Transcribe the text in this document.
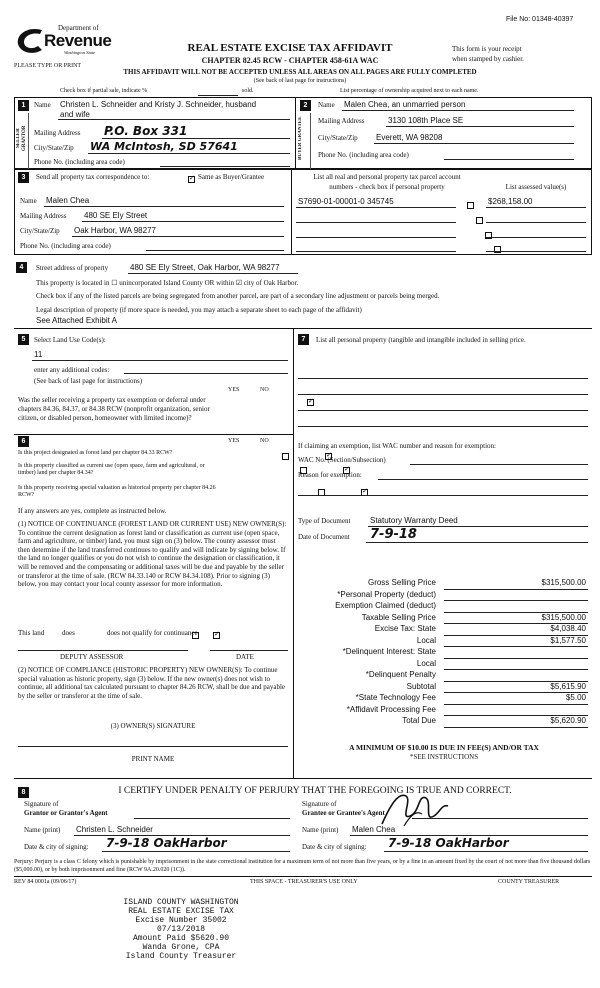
File No: 01348-40397
Department of
Revenue
Washington State
PLEASE TYPE OR PRINT
REAL ESTATE EXCISE TAX AFFIDAVIT
CHAPTER 82.45 RCW - CHAPTER 458-61A WAC
This form is your receipt
when stamped by cashier.
THIS AFFIDAVIT WILL NOT BE ACCEPTED UNLESS ALL AREAS ON ALL PAGES ARE FULLY COMPLETED
(See back of last page for instructions)
Check box if partial sale, indicate %	sold.	List percentage of ownership acquired next to each name.
1
SELLER GRANTOR
Name Christen L. Schneider and Kristy J. Schneider, husband
and wife
Mailing Address P.O. Box 331
City/State/Zip WA McIntosh, SD 57641
Phone No. (including area code)
2
BUYER GRANTEE
Name Malen Chea, an unmarried person
Mailing Address	3130 108th Place SE
City/State/Zip Everett, WA 98208
Phone No. (including area code)
3	Send all property tax correspondence to: ✓	Same as Buyer/Grantee
Name Malen Chea
Mailing Address 480 SE Ely Street
City/State/Zip Oak Harbor, WA 98277
Phone No. (including area code)
List all real and personal property tax parcel account
numbers - check box if personal property	List assessed value(s)
S7690-01-00001-0 345745	$268,158.00

4	Street address of property	480 SE Ely Street, Oak Harbor, WA 98277
This property is located in ☐ unincorporated Island County OR within ☑ city of Oak Harbor.
Check box if any of the listed parcels are being segregated from another parcel, are part of a secondary line adjustment or parcels being merged.
Legal description of property (if more space is needed, you may attach a separate sheet to each page of the affidavit)
See Attached Exhibit A
5	Select Land Use Code(s):
11
enter any additional codes:
(See back of last page for instructions)
YES	NO
Was the seller receiving a property tax exemption or deferral under chapters 84.36, 84.37, or 84.38 RCW (nonprofit organization, senior citizen, or disabled person, homeowner with limited income)?
✓
6	YES	NO
Is this project designated as forest land per chapter 84.33 RCW?
✓
Is this property classified as current use (open space, farm and agricultural, or timber) land per chapter 84.34?
✓
Is this property receiving special valuation as historical property per chapter 84.26 RCW?
✓
If any answers are yes, complete as instructed below.
(1) NOTICE OF CONTINUANCE (FOREST LAND OR CURRENT USE) NEW OWNER(S): To continue the current designation as forest land or classification as current use (open space, farm and agriculture, or timber) land, you must sign on (3) below. The county assessor must then determine if the land transferred continues to qualify and will indicate by signing below. If the land no longer qualifies or you do not wish to continue the designation or classification, it will be removed and the compensating or additional taxes will be due and payable by the seller or transferor at the time of sale. (RCW 84.33.140 or RCW 84.34.108). Prior to signing (3) below, you may contact your local county assessor for more information.
This land	does ✓	does not qualify for continuance.
DEPUTY ASSESSOR	DATE
(2) NOTICE OF COMPLIANCE (HISTORIC PROPERTY) NEW OWNER(S): To continue special valuation as historic property, sign (3) below. If the new owner(s) does not wish to continue, all additional tax calculated pursuant to chapter 84.26 RCW, shall be due and payable by the seller or transferor at the time of sale.
(3) OWNER(S) SIGNATURE
PRINT NAME
7	List all personal property (tangible and intangible included in selling price.
If claiming an exemption, list WAC number and reason for exemption:
WAC No. (Section/Subsection)
Reason for exemption:
Type of Document Statutory Warranty Deed
Date of Document 7-9-18
Gross Selling Price	$315,500.00
*Personal Property (deduct)
Exemption Claimed (deduct)
Taxable Selling Price	$315,500.00
Excise Tax: State	$4,038.40
Local	$1,577.50
*Delinquent Interest: State
Local
*Delinquent Penalty
Subtotal	$5,615.90
*State Technology Fee	$5.00
*Affidavit Processing Fee
Total Due	$5,620.90
A MINIMUM OF $10.00 IS DUE IN FEE(S) AND/OR TAX
*SEE INSTRUCTIONS
8	I CERTIFY UNDER PENALTY OF PERJURY THAT THE FOREGOING IS TRUE AND CORRECT.
Signature of
Grantor or Grantor's Agent
Signature of
Grantee or Grantee's Agent
Name (print) Christen L. Schneider	Name (print) Malen Chea
Date & city of signing: 7-9-18 OakHarbor	Date & city of signing: 7-9-18 OakHarbor
Perjury: Perjury is a class C felony which is punishable by imprisonment in the state correctional institution for a maximum term of not more than five years, or by a fine in an amount fixed by the court of not more than five thousand dollars ($5,000.00), or by both imprisonment and fine (RCW 9A.20.020 (1C)).
REV 84 0001a (09/06/17)	THIS SPACE - TREASURER'S USE ONLY	COUNTY TREASURER
ISLAND COUNTY WASHINGTON
REAL ESTATE EXCISE TAX
Excise Number 35002
07/13/2018
Amount Paid $5620.90
Wanda Grone, CPA
Island County Treasurer
